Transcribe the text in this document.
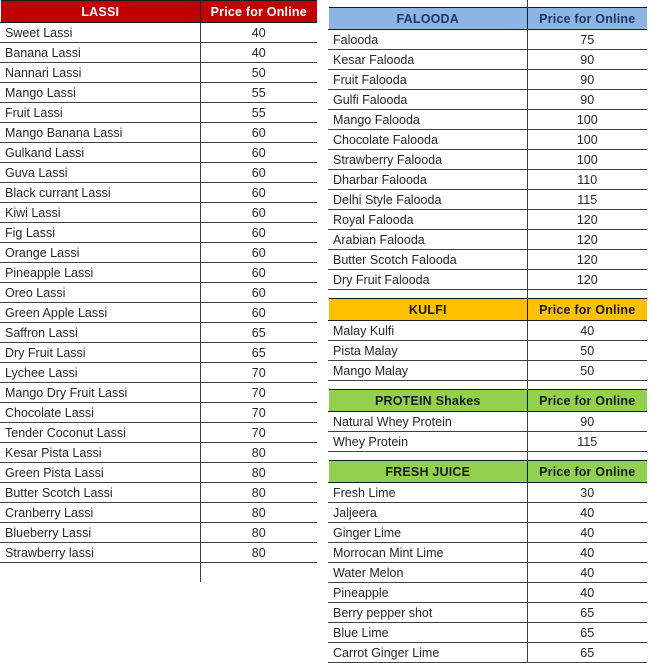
LASSI	Price for Online
Sweet Lassi	40
Banana Lassi	40
Nannari Lassi	50
Mango Lassi	55
Fruit Lassi	55
Mango Banana Lassi	60
Gulkand Lassi	60
Guva Lassi	60
Black currant Lassi	60
Kiwi Lassi	60
Fig Lassi	60
Orange Lassi	60
Pineapple Lassi	60
Oreo Lassi	60
Green Apple Lassi	60
Saffron Lassi	65
Dry Fruit Lassi	65
Lychee Lassi	70
Mango Dry Fruit Lassi	70
Chocolate Lassi	70
Tender Coconut Lassi	70
Kesar Pista Lassi	80
Green Pista Lassi	80
Butter Scotch Lassi	80
Cranberry Lassi	80
Blueberry Lassi	80
Strawberry lassi	80

FALOODA	Price for Online
Falooda	75
Kesar Falooda	90
Fruit Falooda	90
Gulfi Falooda	90
Mango Falooda	100
Chocolate Falooda	100
Strawberry Falooda	100
Dharbar Falooda	110
Delhi Style Falooda	115
Royal Falooda	120
Arabian Falooda	120
Butter Scotch Falooda	120
Dry Fruit Falooda	120

KULFI	Price for Online
Malay Kulfi	40
Pista Malay	50
Mango Malay	50

PROTEIN Shakes	Price for Online
Natural Whey Protein	90
Whey Protein	115

FRESH JUICE	Price for Online
Fresh Lime	30
Jaljeera	40
Ginger Lime	40
Morrocan Mint Lime	40
Water Melon	40
Pineapple	40
Berry pepper shot	65
Blue Lime	65
Carrot Ginger Lime	65
